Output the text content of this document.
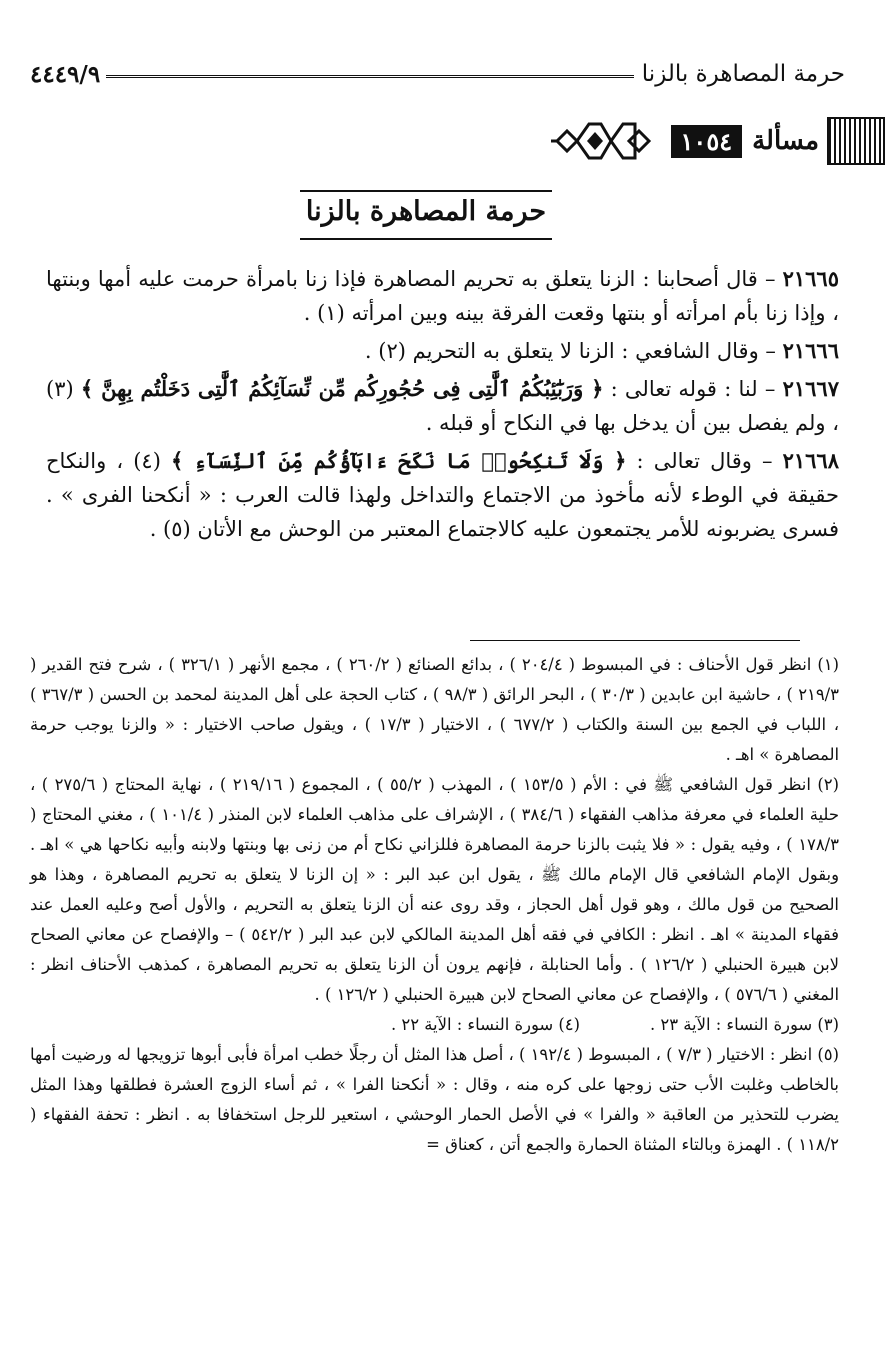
حرمة المصاهرة بالزنا
٤٤٤٩/٩
مسألة
١٠٥٤
حرمة المصاهرة بالزنا

٢١٦٦٥ – قال أصحابنا : الزنا يتعلق به تحريم المصاهرة فإذا زنا بامرأة حرمت عليه أمها وبنتها ، وإذا زنا بأم امرأته أو بنتها وقعت الفرقة بينه وبين امرأته (١) .

٢١٦٦٦ – وقال الشافعي : الزنا لا يتعلق به التحريم (٢) .

٢١٦٦٧ – لنا : قوله تعالى : ﴿ وَرَبَٰٓئِبُكُمُ ٱلَّٰتِى فِى حُجُورِكُم مِّن نِّسَآئِكُمُ ٱلَّٰتِى دَخَلْتُم بِهِنَّ ﴾ (٣) ، ولم يفصل بين أن يدخل بها في النكاح أو قبله .

٢١٦٦٨ – وقال تعالى : ﴿ وَلَا تَنكِحُوا۟ مَا نَكَحَ ءَابَآؤُكُم مِّنَ ٱلنِّسَآءِ ﴾ (٤) ، والنكاح حقيقة في الوطء لأنه مأخوذ من الاجتماع والتداخل ولهذا قالت العرب : « أنكحنا الفرى » . فسرى يضربونه للأمر يجتمعون عليه كالاجتماع المعتبر من الوحش مع الأتان (٥) .

(١) انظر قول الأحناف : في المبسوط ( ٢٠٤/٤ ) ، بدائع الصنائع ( ٢٦٠/٢ ) ، مجمع الأنهر ( ٣٢٦/١ ) ، شرح فتح القدير ( ٢١٩/٣ ) ، حاشية ابن عابدين ( ٣٠/٣ ) ، البحر الرائق ( ٩٨/٣ ) ، كتاب الحجة على أهل المدينة لمحمد بن الحسن ( ٣٦٧/٣ ) ، اللباب في الجمع بين السنة والكتاب ( ٦٧٧/٢ ) ، الاختيار ( ١٧/٣ ) ، ويقول صاحب الاختيار : « والزنا يوجب حرمة المصاهرة » اهـ .

(٢) انظر قول الشافعي ﷺ في : الأم ( ١٥٣/٥ ) ، المهذب ( ٥٥/٢ ) ، المجموع ( ٢١٩/١٦ ) ، نهاية المحتاج ( ٢٧٥/٦ ) ، حلية العلماء في معرفة مذاهب الفقهاء ( ٣٨٤/٦ ) ، الإشراف على مذاهب العلماء لابن المنذر ( ١٠١/٤ ) ، مغني المحتاج ( ١٧٨/٣ ) ، وفيه يقول : « فلا يثبت بالزنا حرمة المصاهرة فللزاني نكاح أم من زنى بها وبنتها ولابنه وأبيه نكاحها هي » اهـ . وبقول الإمام الشافعي قال الإمام مالك ﷺ ، يقول ابن عبد البر : « إن الزنا لا يتعلق به تحريم المصاهرة ، وهذا هو الصحيح من قول مالك ، وهو قول أهل الحجاز ، وقد روى عنه أن الزنا يتعلق به التحريم ، والأول أصح وعليه العمل عند فقهاء المدينة » اهـ . انظر : الكافي في فقه أهل المدينة المالكي لابن عبد البر ( ٥٤٢/٢ ) – والإفصاح عن معاني الصحاح لابن هبيرة الحنبلي ( ١٢٦/٢ ) . وأما الحنابلة ، فإنهم يرون أن الزنا يتعلق به تحريم المصاهرة ، كمذهب الأحناف انظر : المغني ( ٥٧٦/٦ ) ، والإفصاح عن معاني الصحاح لابن هبيرة الحنبلي ( ١٢٦/٢ ) .

(٣) سورة النساء : الآية ٢٣ .
(٤) سورة النساء : الآية ٢٢ .

(٥) انظر : الاختيار ( ٧/٣ ) ، المبسوط ( ١٩٢/٤ ) ، أصل هذا المثل أن رجلًا خطب امرأة فأبى أبوها تزويجها له ورضيت أمها بالخاطب وغلبت الأب حتى زوجها على كره منه ، وقال : « أنكحنا الفرا » ، ثم أساء الزوج العشرة فطلقها وهذا المثل يضرب للتحذير من العاقبة « والفرا » في الأصل الحمار الوحشي ، استعير للرجل استخفافا به . انظر : تحفة الفقهاء ( ١١٨/٢ ) . الهمزة وبالتاء المثناة الحمارة والجمع أتن ، كعناق =
